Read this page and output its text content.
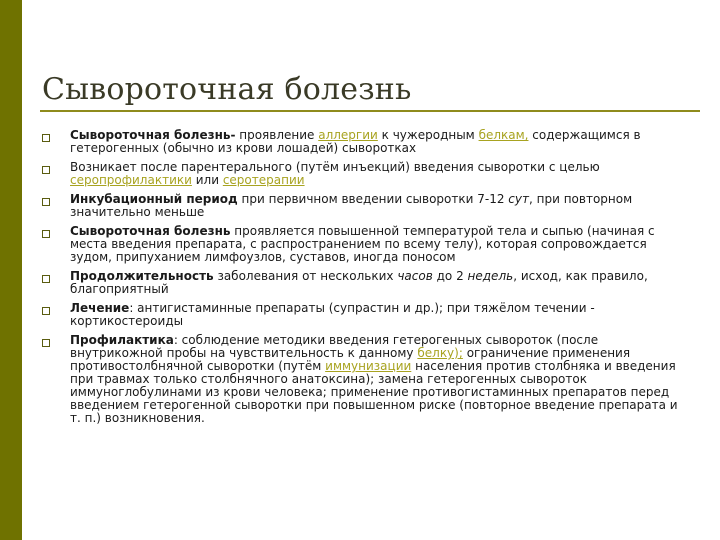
Сывороточная болезнь

Сывороточная болезнь- проявление аллергии к чужеродным белкам, содержащимся в гетерогенных (обычно из крови лошадей) сыворотках

Возникает после парентерального (путём инъекций) введения сыворотки с целью серопрофилактики или серотерапии

Инкубационный период при первичном введении сыворотки 7-12 сут, при повторном значительно меньше

Сывороточная болезнь проявляется повышенной температурой тела и сыпью (начиная с места введения препарата, с распространением по всему телу), которая сопровождается зудом, припуханием лимфоузлов, суставов, иногда поносом

Продолжительность заболевания от нескольких часов до 2 недель, исход, как правило, благоприятный

Лечение: антигистаминные препараты (супрастин и др.); при тяжёлом течении - кортикостероиды

Профилактика: соблюдение методики введения гетерогенных сывороток (после внутрикожной пробы на чувствительность к данному белку); ограничение применения противостолбнячной сыворотки (путём иммунизации населения против столбняка и введения при травмах только столбнячного анатоксина); замена гетерогенных сывороток иммуноглобулинами из крови человека; применение противогистаминных препаратов перед введением гетерогенной сыворотки при повышенном риске (повторное введение препарата и т. п.) возникновения.
